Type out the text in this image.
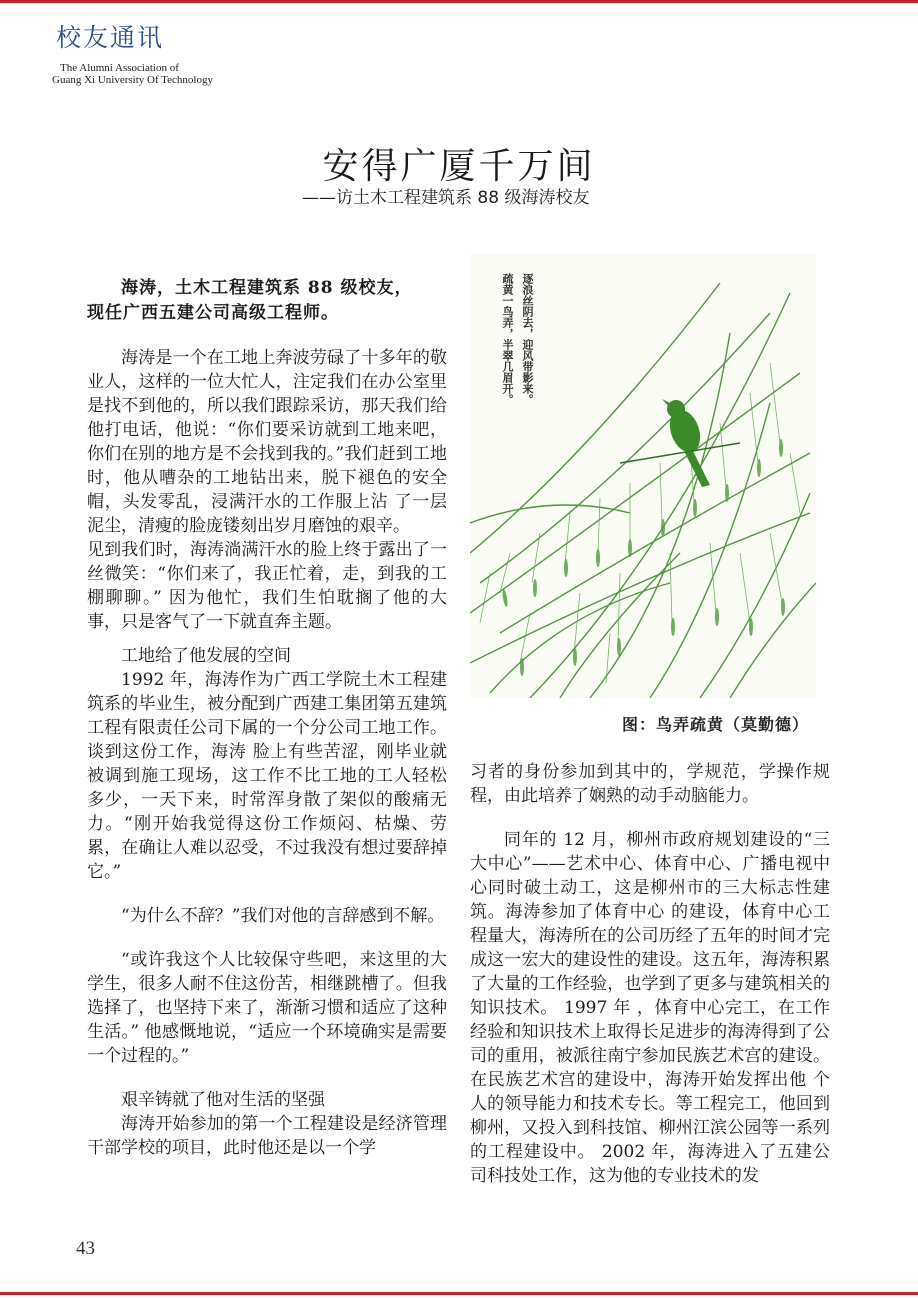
校友通讯
The Alumni Association of
Guang Xi University Of Technology
安得广厦千万间
——访土木工程建筑系 88 级海涛校友

海涛，土木工程建筑系 88 级校友，

现任广西五建公司高级工程师。

海涛是一个在工地上奔波劳碌了十多年的敬业人，这样的一位大忙人，注定我们在办公室里是找不到他的，所以我们跟踪采访，那天我们给他打电话，他说：“你们要采访就到工地来吧，你们在别的地方是不会找到我的。”我们赶到工地时，他从嘈杂的工地钻出来，脱下褪色的安全帽，头发零乱，浸满汗水的工作服上沾 了一层泥尘，清瘦的脸庞镂刻出岁月磨蚀的艰辛。

见到我们时，海涛淌满汗水的脸上终于露出了一丝微笑：“你们来了，我正忙着，走，到我的工棚聊聊。” 因为他忙，我们生怕耽搁了他的大事，只是客气了一下就直奔主题。

工地给了他发展的空间

1992 年，海涛作为广西工学院土木工程建筑系的毕业生，被分配到广西建工集团第五建筑工程有限责任公司下属的一个分公司工地工作。谈到这份工作，海涛 脸上有些苦涩，刚毕业就被调到施工现场，这工作不比工地的工人轻松 多少，一天下来，时常浑身散了架似的酸痛无力。“刚开始我觉得这份工作烦闷、枯燥、劳累，在确让人难以忍受，不过我没有想过要辞掉它。”

“为什么不辞？”我们对他的言辞感到不解。

“或许我这个人比较保守些吧，来这里的大学生，很多人耐不住这份苦，相继跳槽了。但我选择了，也坚持下来了，渐渐习惯和适应了这种生活。” 他感慨地说，“适应一个环境确实是需要一个过程的。”

艰辛铸就了他对生活的坚强

海涛开始参加的第一个工程建设是经济管理干部学校的项目，此时他还是以一个学

逐浪丝阴去，迎风带影来。
疏黄一鸟弄，半翠几眉开。
图：鸟弄疏黄（莫勤德）

习者的身份参加到其中的，学规范，学操作规程，由此培养了娴熟的动手动脑能力。

同年的 12 月，柳州市政府规划建设的“三大中心”——艺术中心、体育中心、广播电视中心同时破土动工，这是柳州市的三大标志性建筑。海涛参加了体育中心 的建设，体育中心工程量大，海涛所在的公司历经了五年的时间才完成这一宏大的建设性的建设。这五年，海涛积累了大量的工作经验，也学到了更多与建筑相关的 知识技术。 1997 年 ，体育中心完工，在工作经验和知识技术上取得长足进步的海涛得到了公司的重用，被派往南宁参加民族艺术宫的建设。在民族艺术宫的建设中，海涛开始发挥出他 个人的领导能力和技术专长。等工程完工，他回到柳州，又投入到科技馆、柳州江滨公园等一系列的工程建设中。 2002 年，海涛进入了五建公司科技处工作，这为他的专业技术的发

43
